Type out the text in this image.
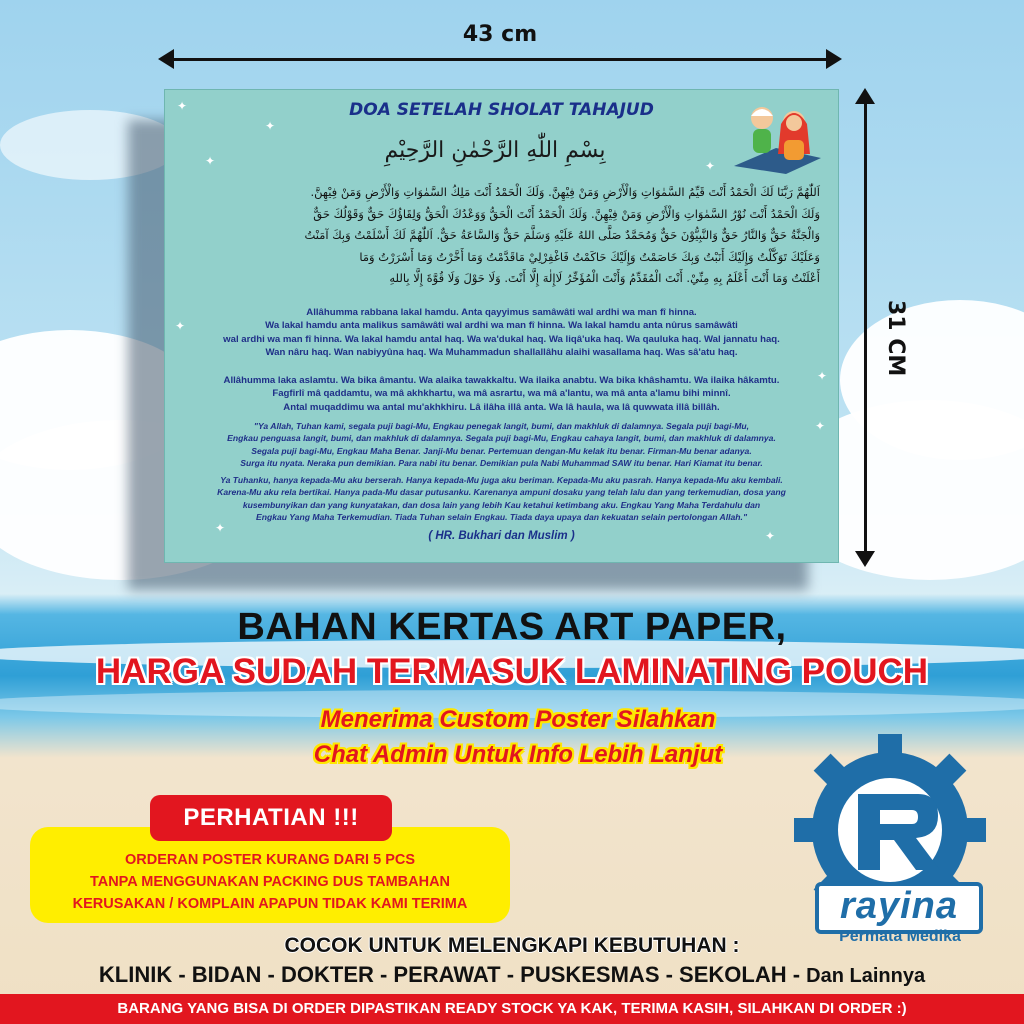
43 cm
31 CM
✦
✦
✦	✦
✦
✦
✦
✦
✦
DOA SETELAH SHOLAT TAHAJUD
بِسْمِ اللّٰهِ الرَّحْمٰنِ الرَّحِيْمِ
اَللّٰهُمَّ رَبَّنَا لَكَ الْحَمْدُ أَنْتَ قَيِّمُ السَّمٰوَاتِ وَالْأَرْضِ وَمَنْ فِيْهِنَّ. وَلَكَ الْحَمْدُ أَنْتَ مَلِكُ السَّمٰوَاتِ وَالْأَرْضِ وَمَنْ فِيْهِنَّ.
وَلَكَ الْحَمْدُ أَنْتَ نُوْرُ السَّمٰوَاتِ وَالْأَرْضِ وَمَنْ فِيْهِنَّ. وَلَكَ الْحَمْدُ أَنْتَ الْحَقُّ وَوَعْدُكَ الْحَقُّ وَلِقَاؤُكَ حَقٌّ وَقَوْلُكَ حَقٌّ
وَالْجَنَّةُ حَقٌّ وَالنَّارُ حَقٌّ وَالنَّبِيُّوْنَ حَقٌّ وَمُحَمَّدٌ صَلَّى اللهُ عَلَيْهِ وَسَلَّمَ حَقٌّ وَالسَّاعَةُ حَقٌّ. اَللّٰهُمَّ لَكَ أَسْلَمْتُ وَبِكَ آمَنْتُ
وَعَلَيْكَ تَوَكَّلْتُ وَإِلَيْكَ أَنَبْتُ وَبِكَ خَاصَمْتُ وَإِلَيْكَ حَاكَمْتُ فَاغْفِرْلِيْ مَاقَدَّمْتُ وَمَا أَخَّرْتُ وَمَا أَسْرَرْتُ وَمَا
أَعْلَنْتُ وَمَا أَنْتَ أَعْلَمُ بِهِ مِنِّيْ. أَنْتَ الْمُقَدِّمُ وَأَنْتَ الْمُؤَخِّرُ لَاإِلٰهَ إِلَّا أَنْتَ. وَلَا حَوْلَ وَلَا قُوَّةَ إِلَّا بِاللهِ
Allâhumma rabbana lakal hamdu. Anta qayyimus samâwâti wal ardhi wa man fî hinna.
Wa lakal hamdu anta malikus samâwâti wal ardhi wa man fî hinna. Wa lakal hamdu anta nûrus samâwâti
wal ardhi wa man fî hinna. Wa lakal hamdu antal haq. Wa wa'dukal haq. Wa liqâ'uka haq. Wa qauluka haq. Wal jannatu haq.
Wan nâru haq. Wan nabiyyûna haq. Wa Muhammadun shallallâhu alaihi wasallama haq. Was sâ'atu haq.
Allâhumma laka aslamtu. Wa bika âmantu. Wa alaika tawakkaltu. Wa ilaika anabtu. Wa bika khâshamtu. Wa ilaika hâkamtu.
Fagfirlî mâ qaddamtu, wa mâ akhkhartu, wa mâ asrartu, wa mâ a'lantu, wa mâ anta a'lamu bihi minnî.
Antal muqaddimu wa antal mu'akhkhiru. Lâ ilâha illâ anta. Wa lâ haula, wa lâ quwwata illâ billâh.
"Ya Allah, Tuhan kami, segala puji bagi-Mu, Engkau penegak langit, bumi, dan makhluk di dalamnya. Segala puji bagi-Mu,
Engkau penguasa langit, bumi, dan makhluk di dalamnya. Segala puji bagi-Mu, Engkau cahaya langit, bumi, dan makhluk di dalamnya.
Segala puji bagi-Mu, Engkau Maha Benar. Janji-Mu benar. Pertemuan dengan-Mu kelak itu benar. Firman-Mu benar adanya.
Surga itu nyata. Neraka pun demikian. Para nabi itu benar. Demikian pula Nabi Muhammad SAW itu benar. Hari Kiamat itu benar.
Ya Tuhanku, hanya kepada-Mu aku berserah. Hanya kepada-Mu juga aku beriman. Kepada-Mu aku pasrah. Hanya kepada-Mu aku kembali.
Karena-Mu aku rela bertikai. Hanya pada-Mu dasar putusanku. Karenanya ampuni dosaku yang telah lalu dan yang terkemudian, dosa yang
kusembunyikan dan yang kunyatakan, dan dosa lain yang lebih Kau ketahui ketimbang aku. Engkau Yang Maha Terdahulu dan
Engkau Yang Maha Terkemudian. Tiada Tuhan selain Engkau. Tiada daya upaya dan kekuatan selain pertolongan Allah."
( HR. Bukhari dan Muslim )
BAHAN KERTAS ART PAPER,
HARGA SUDAH TERMASUK LAMINATING POUCH
Menerima Custom Poster Silahkan
Chat Admin Untuk Info Lebih Lanjut
PERHATIAN !!!
ORDERAN POSTER KURANG DARI 5 PCS
TANPA MENGGUNAKAN PACKING DUS TAMBAHAN
KERUSAKAN / KOMPLAIN APAPUN TIDAK KAMI TERIMA	rayina
Permata Medika
COCOK UNTUK MELENGKAPI KEBUTUHAN :
KLINIK - BIDAN - DOKTER - PERAWAT - PUSKESMAS - SEKOLAH - Dan Lainnya
BARANG YANG BISA DI ORDER DIPASTIKAN READY STOCK YA KAK, TERIMA KASIH, SILAHKAN DI ORDER :)
